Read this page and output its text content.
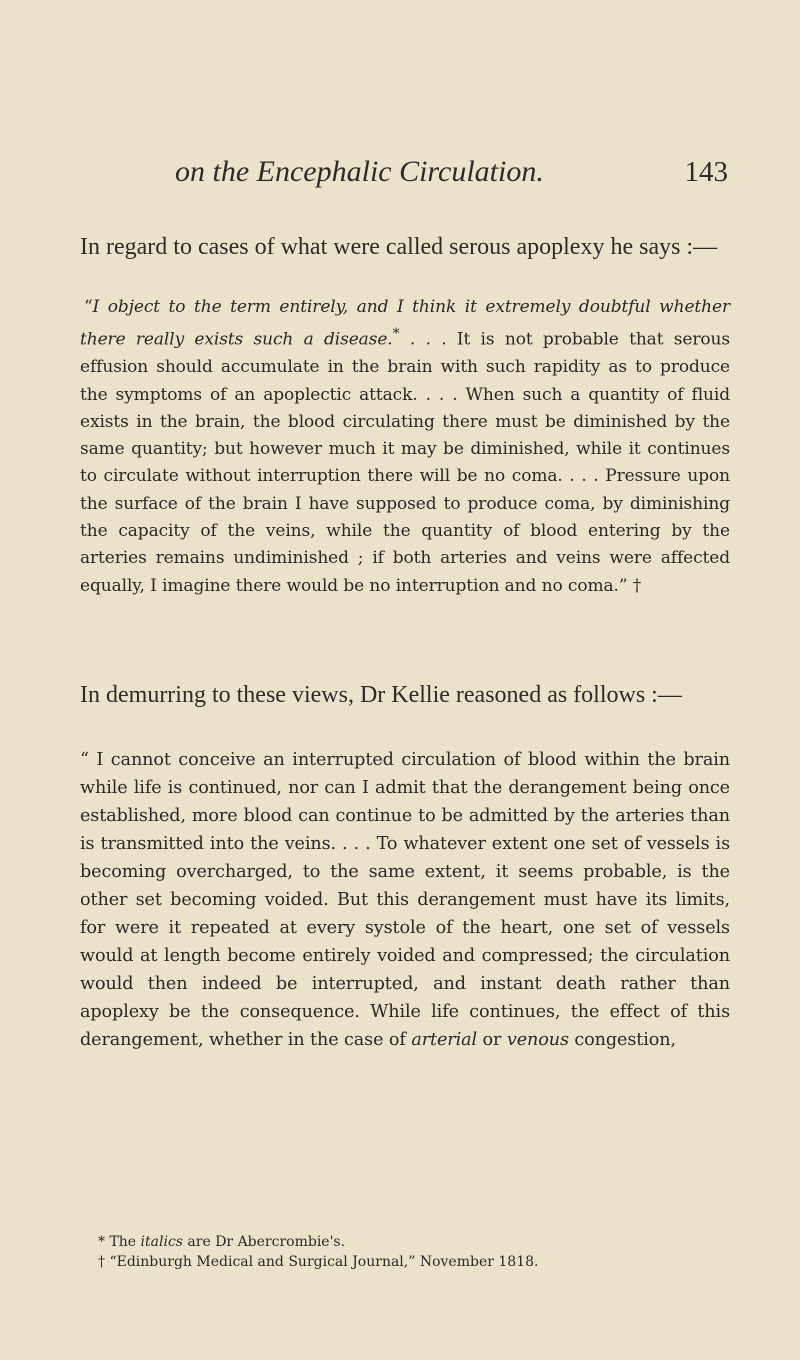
on the Encephalic Circulation.	143

In regard to cases of what were called serous apoplexy he says :—

“I object to the term entirely, and I think it extremely doubtful whether there really exists such a disease.* . . . It is not probable that serous effusion should accumulate in the brain with such rapidity as to produce the symptoms of an apoplectic attack. . . . When such a quantity of fluid exists in the brain, the blood circulating there must be diminished by the same quantity; but however much it may be diminished, while it continues to circulate without interruption there will be no coma. . . . Pressure upon the surface of the brain I have supposed to produce coma, by diminishing the capacity of the veins, while the quantity of blood entering by the arteries remains undiminished ; if both arteries and veins were affected equally, I imagine there would be no interruption and no coma.” †

In demurring to these views, Dr Kellie reasoned as follows :—

“ I cannot conceive an interrupted circulation of blood within the brain while life is continued, nor can I admit that the derangement being once established, more blood can continue to be admitted by the arteries than is transmitted into the veins. . . . To whatever extent one set of vessels is becoming overcharged, to the same extent, it seems probable, is the other set becoming voided. But this derangement must have its limits, for were it repeated at every systole of the heart, one set of vessels would at length become entirely voided and compressed; the circulation would then indeed be interrupted, and instant death rather than apoplexy be the consequence. While life continues, the effect of this derangement, whether in the case of arterial or venous congestion,

* The italics are Dr Abercrombie's.

† “Edinburgh Medical and Surgical Journal,” November 1818.
